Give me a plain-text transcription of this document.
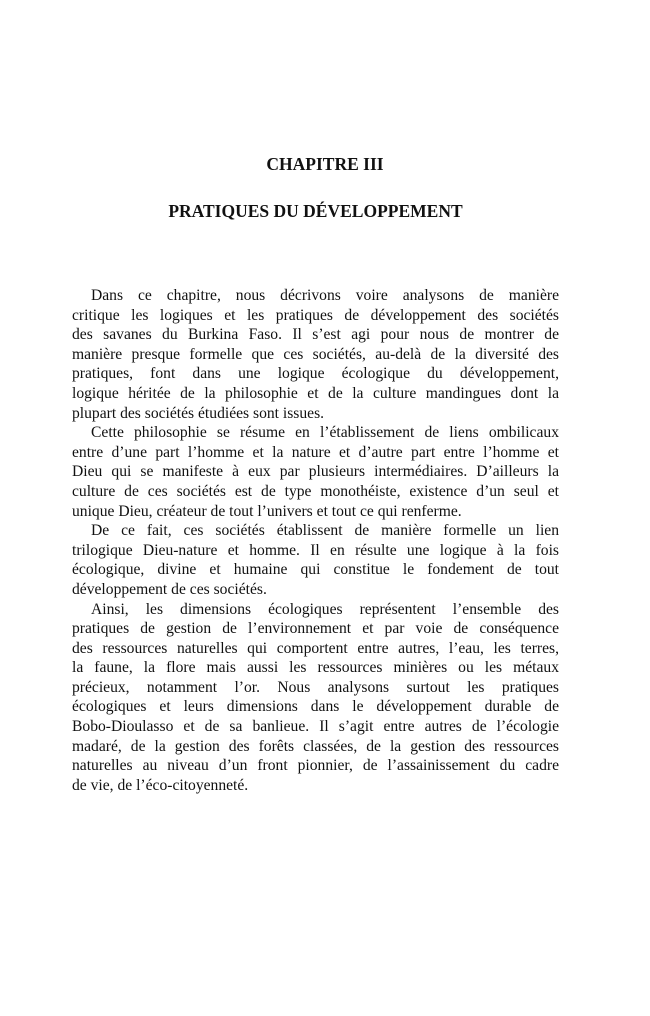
CHAPITRE III
PRATIQUES DU DÉVELOPPEMENT
Dans ce chapitre, nous décrivons voire analysons de manière
critique les logiques et les pratiques de développement des sociétés
des savanes du Burkina Faso. Il s’est agi pour nous de montrer de
manière presque formelle que ces sociétés, au-delà de la diversité des
pratiques, font dans une logique écologique du développement,
logique héritée de la philosophie et de la culture mandingues dont la
plupart des sociétés étudiées sont issues.
Cette philosophie se résume en l’établissement de liens ombilicaux
entre d’une part l’homme et la nature et d’autre part entre l’homme et
Dieu qui se manifeste à eux par plusieurs intermédiaires. D’ailleurs la
culture de ces sociétés est de type monothéiste, existence d’un seul et
unique Dieu, créateur de tout l’univers et tout ce qui renferme.
De ce fait, ces sociétés établissent de manière formelle un lien
trilogique Dieu-nature et homme. Il en résulte une logique à la fois
écologique, divine et humaine qui constitue le fondement de tout
développement de ces sociétés.
Ainsi, les dimensions écologiques représentent l’ensemble des
pratiques de gestion de l’environnement et par voie de conséquence
des ressources naturelles qui comportent entre autres, l’eau, les terres,
la faune, la flore mais aussi les ressources minières ou les métaux
précieux, notamment l’or. Nous analysons surtout les pratiques
écologiques et leurs dimensions dans le développement durable de
Bobo-Dioulasso et de sa banlieue. Il s’agit entre autres de l’écologie
madaré, de la gestion des forêts classées, de la gestion des ressources
naturelles au niveau d’un front pionnier, de l’assainissement du cadre
de vie, de l’éco-citoyenneté.
